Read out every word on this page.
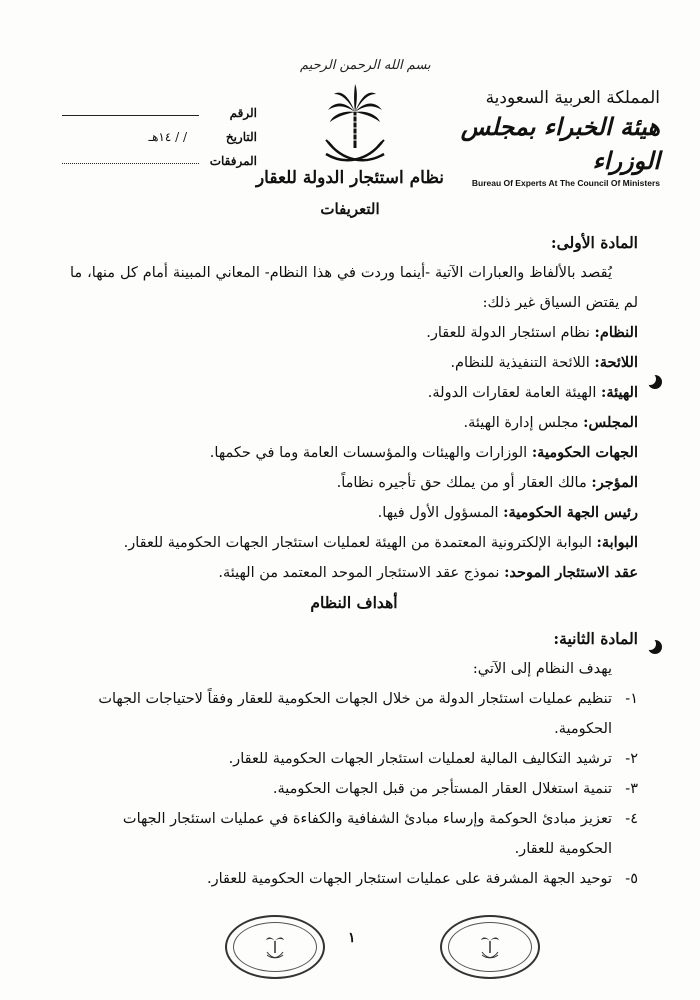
بسم الله الرحمن الرحيم
المملكة العربية السعودية
هيئة الخبراء بمجلس الوزراء
Bureau Of Experts At The Council Of Ministers
الرقم
التاريخ
/ / ١٤هـ
المرفقات
نظام استئجار الدولة للعقار
التعريفات

المادة الأولى:

يُقصد بالألفاظ والعبارات الآتية -أينما وردت في هذا النظام- المعاني المبينة أمام كل منها، ما لم يقتض السياق غير ذلك:

النظام: نظام استئجار الدولة للعقار.

اللائحة: اللائحة التنفيذية للنظام.

الهيئة: الهيئة العامة لعقارات الدولة.

المجلس: مجلس إدارة الهيئة.

الجهات الحكومية: الوزارات والهيئات والمؤسسات العامة وما في حكمها.

المؤجر: مالك العقار أو من يملك حق تأجيره نظاماً.

رئيس الجهة الحكومية: المسؤول الأول فيها.

البوابة: البوابة الإلكترونية المعتمدة من الهيئة لعمليات استئجار الجهات الحكومية للعقار.

عقد الاستئجار الموحد: نموذج عقد الاستئجار الموحد المعتمد من الهيئة.

أهداف النظام

المادة الثانية:

يهدف النظام إلى الآتي:

١-تنظيم عمليات استئجار الدولة من خلال الجهات الحكومية للعقار وفقاً لاحتياجات الجهات الحكومية.

٢-ترشيد التكاليف المالية لعمليات استئجار الجهات الحكومية للعقار.

٣-تنمية استغلال العقار المستأجر من قبل الجهات الحكومية.

٤-تعزيز مبادئ الحوكمة وإرساء مبادئ الشفافية والكفاءة في عمليات استئجار الجهات الحكومية للعقار.

٥-توحيد الجهة المشرفة على عمليات استئجار الجهات الحكومية للعقار.

١
